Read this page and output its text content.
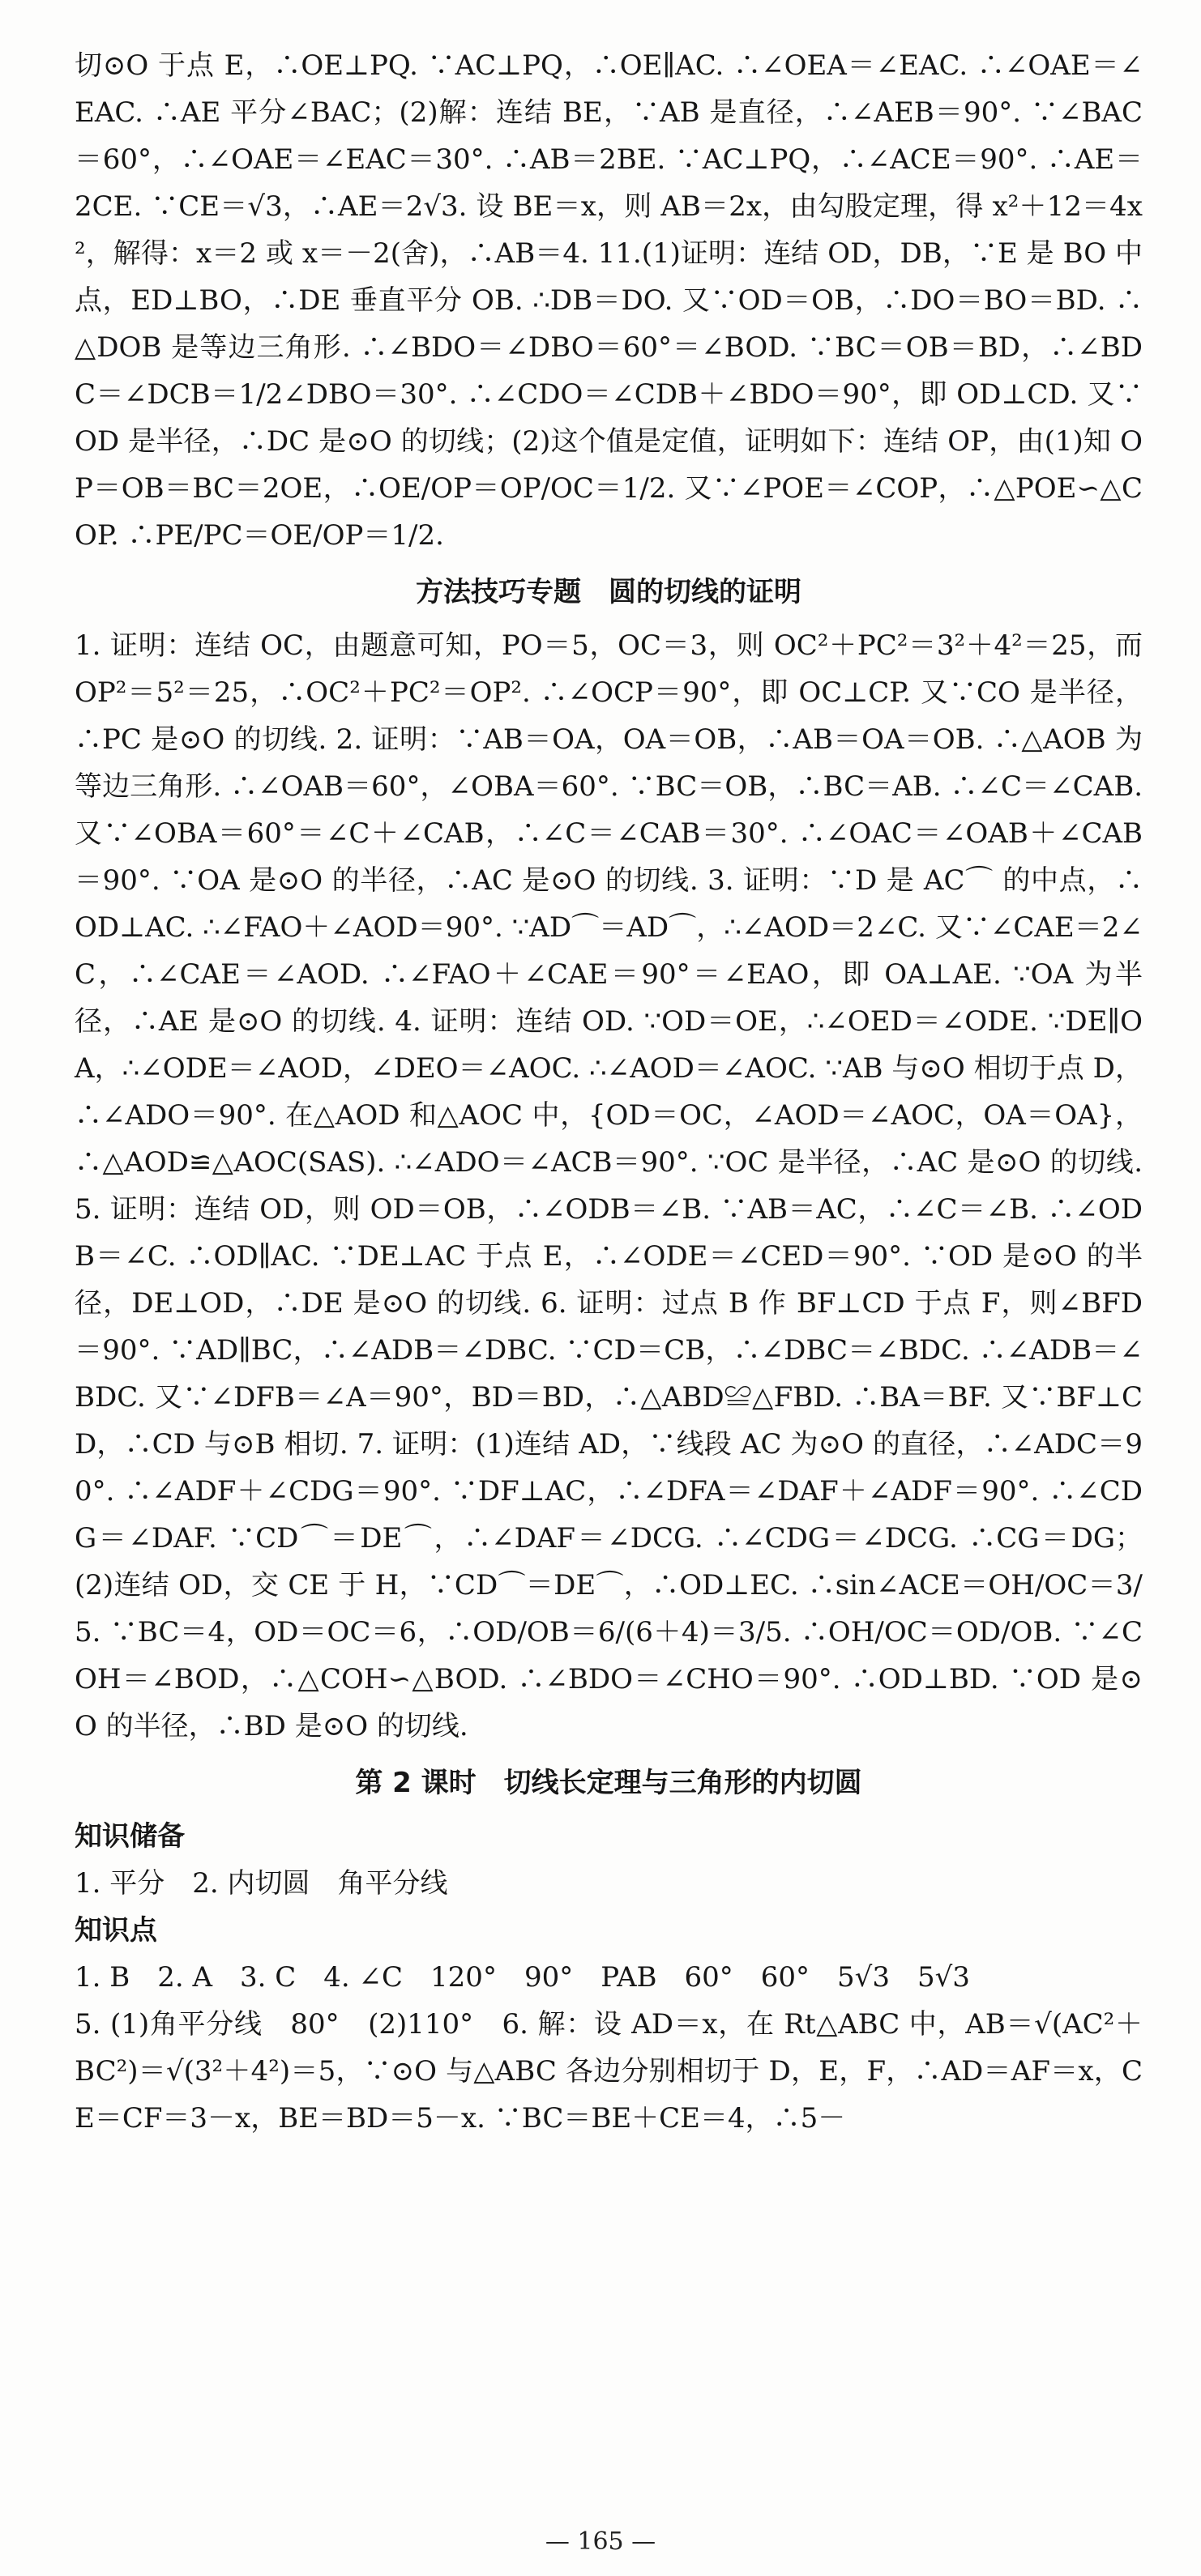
切⊙O 于点 E，∴OE⊥PQ. ∵AC⊥PQ，∴OE∥AC. ∴∠OEA＝∠EAC. ∴∠OAE＝∠EAC. ∴AE 平分∠BAC；(2)解：连结 BE，∵AB 是直径，∴∠AEB＝90°. ∵∠BAC＝60°，∴∠OAE＝∠EAC＝30°. ∴AB＝2BE. ∵AC⊥PQ，∴∠ACE＝90°. ∴AE＝2CE. ∵CE＝√3，∴AE＝2√3. 设 BE＝x，则 AB＝2x，由勾股定理，得 x²＋12＝4x²，解得：x＝2 或 x＝－2(舍)，∴AB＝4. 11.(1)证明：连结 OD，DB，∵E 是 BO 中点，ED⊥BO，∴DE 垂直平分 OB. ∴DB＝DO. 又∵OD＝OB，∴DO＝BO＝BD. ∴△DOB 是等边三角形. ∴∠BDO＝∠DBO＝60°＝∠BOD. ∵BC＝OB＝BD，∴∠BDC＝∠DCB＝1/2∠DBO＝30°. ∴∠CDO＝∠CDB＋∠BDO＝90°，即 OD⊥CD. 又∵OD 是半径，∴DC 是⊙O 的切线；(2)这个值是定值，证明如下：连结 OP，由(1)知 OP＝OB＝BC＝2OE，∴OE/OP＝OP/OC＝1/2. 又∵∠POE＝∠COP，∴△POE∽△COP. ∴PE/PC＝OE/OP＝1/2.

方法技巧专题　圆的切线的证明

1. 证明：连结 OC，由题意可知，PO＝5，OC＝3，则 OC²＋PC²＝3²＋4²＝25，而 OP²＝5²＝25，∴OC²＋PC²＝OP². ∴∠OCP＝90°，即 OC⊥CP. 又∵CO 是半径，∴PC 是⊙O 的切线. 2. 证明：∵AB＝OA，OA＝OB，∴AB＝OA＝OB. ∴△AOB 为等边三角形. ∴∠OAB＝60°，∠OBA＝60°. ∵BC＝OB，∴BC＝AB. ∴∠C＝∠CAB. 又∵∠OBA＝60°＝∠C＋∠CAB，∴∠C＝∠CAB＝30°. ∴∠OAC＝∠OAB＋∠CAB＝90°. ∵OA 是⊙O 的半径，∴AC 是⊙O 的切线. 3. 证明：∵D 是 AC⌒ 的中点，∴OD⊥AC. ∴∠FAO＋∠AOD＝90°. ∵AD⌒＝AD⌒，∴∠AOD＝2∠C. 又∵∠CAE＝2∠C，∴∠CAE＝∠AOD. ∴∠FAO＋∠CAE＝90°＝∠EAO，即 OA⊥AE. ∵OA 为半径，∴AE 是⊙O 的切线. 4. 证明：连结 OD. ∵OD＝OE，∴∠OED＝∠ODE. ∵DE∥OA，∴∠ODE＝∠AOD，∠DEO＝∠AOC. ∴∠AOD＝∠AOC. ∵AB 与⊙O 相切于点 D，∴∠ADO＝90°. 在△AOD 和△AOC 中，{OD＝OC，∠AOD＝∠AOC，OA＝OA}，∴△AOD≌△AOC(SAS). ∴∠ADO＝∠ACB＝90°. ∵OC 是半径，∴AC 是⊙O 的切线. 5. 证明：连结 OD，则 OD＝OB，∴∠ODB＝∠B. ∵AB＝AC，∴∠C＝∠B. ∴∠ODB＝∠C. ∴OD∥AC. ∵DE⊥AC 于点 E，∴∠ODE＝∠CED＝90°. ∵OD 是⊙O 的半径，DE⊥OD，∴DE 是⊙O 的切线. 6. 证明：过点 B 作 BF⊥CD 于点 F，则∠BFD＝90°. ∵AD∥BC，∴∠ADB＝∠DBC. ∵CD＝CB，∴∠DBC＝∠BDC. ∴∠ADB＝∠BDC. 又∵∠DFB＝∠A＝90°，BD＝BD，∴△ABD≌△FBD. ∴BA＝BF. 又∵BF⊥CD，∴CD 与⊙B 相切. 7. 证明：(1)连结 AD，∵线段 AC 为⊙O 的直径，∴∠ADC＝90°. ∴∠ADF＋∠CDG＝90°. ∵DF⊥AC，∴∠DFA＝∠DAF＋∠ADF＝90°. ∴∠CDG＝∠DAF. ∵CD⌒＝DE⌒，∴∠DAF＝∠DCG. ∴∠CDG＝∠DCG. ∴CG＝DG；(2)连结 OD，交 CE 于 H，∵CD⌒＝DE⌒，∴OD⊥EC. ∴sin∠ACE＝OH/OC＝3/5. ∵BC＝4，OD＝OC＝6，∴OD/OB＝6/(6＋4)＝3/5. ∴OH/OC＝OD/OB. ∵∠COH＝∠BOD，∴△COH∽△BOD. ∴∠BDO＝∠CHO＝90°. ∴OD⊥BD. ∵OD 是⊙O 的半径，∴BD 是⊙O 的切线.

第 2 课时　切线长定理与三角形的内切圆
知识储备

1. 平分　2. 内切圆　角平分线

知识点

1. B　2. A　3. C　4. ∠C　120°　90°　PAB　60°　60°　5√3　5√3

5. (1)角平分线　80°　(2)110°　6. 解：设 AD＝x，在 Rt△ABC 中，AB＝√(AC²＋BC²)＝√(3²＋4²)＝5，∵⊙O 与△ABC 各边分别相切于 D，E，F，∴AD＝AF＝x，CE＝CF＝3－x，BE＝BD＝5－x. ∵BC＝BE＋CE＝4，∴5－

— 165 —
